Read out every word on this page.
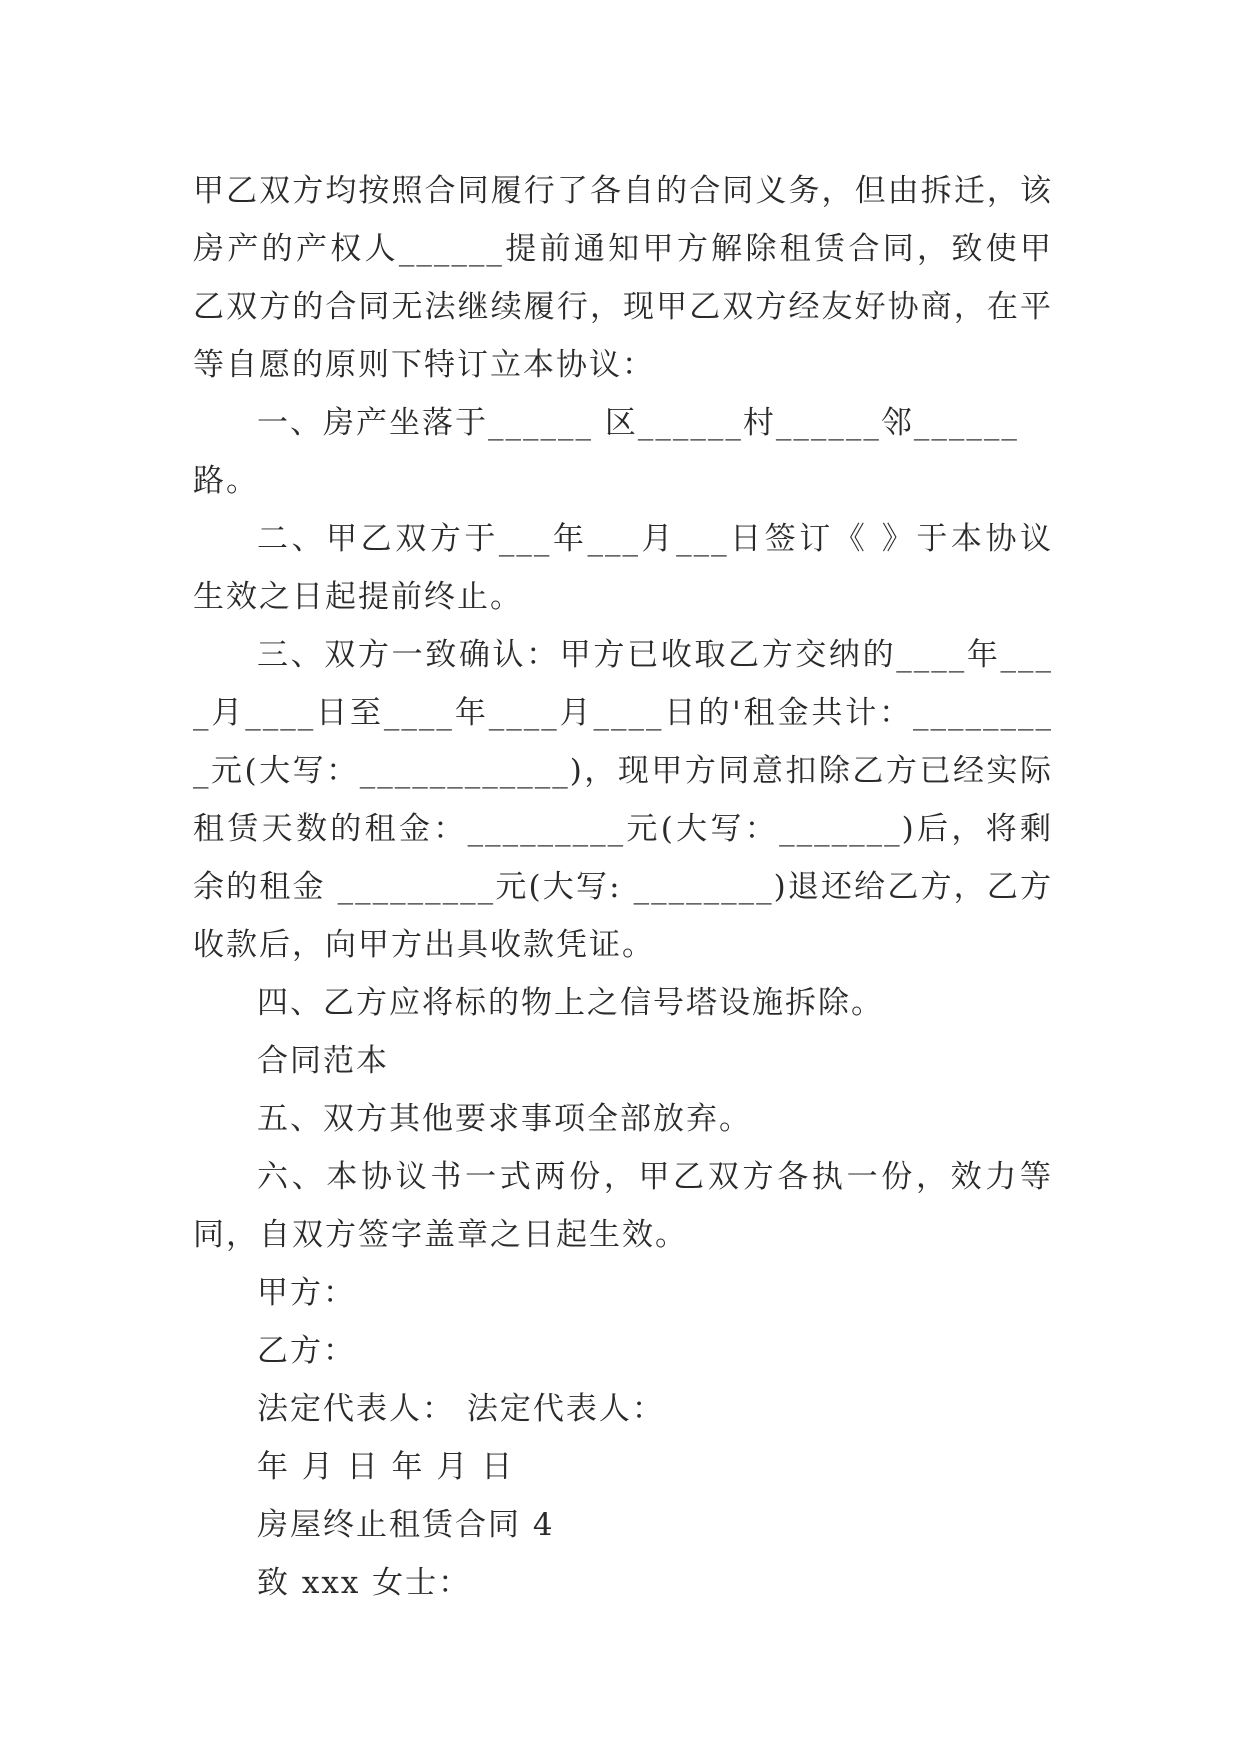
甲乙双方均按照合同履行了各自的合同义务，但由拆迁，该房产的产权人______提前通知甲方解除租赁合同，致使甲乙双方的合同无法继续履行，现甲乙双方经友好协商，在平等自愿的原则下特订立本协议：

一、房产坐落于______ 区______村______邻______路。

二、甲乙双方于___年___月___日签订《 》于本协议生效之日起提前终止。

三、双方一致确认：甲方已收取乙方交纳的____年____月____日至____年____月____日的'租金共计：_________元(大写：____________)，现甲方同意扣除乙方已经实际租赁天数的租金：_________元(大写：_______)后，将剩余的租金 _________元(大写: ________)退还给乙方，乙方收款后，向甲方出具收款凭证。

四、乙方应将标的物上之信号塔设施拆除。

合同范本

五、双方其他要求事项全部放弃。

六、本协议书一式两份，甲乙双方各执一份，效力等同，自双方签字盖章之日起生效。

甲方：

乙方：

法定代表人： 法定代表人：

年 月 日 年 月 日

房屋终止租赁合同 4

致 xxx 女士：
